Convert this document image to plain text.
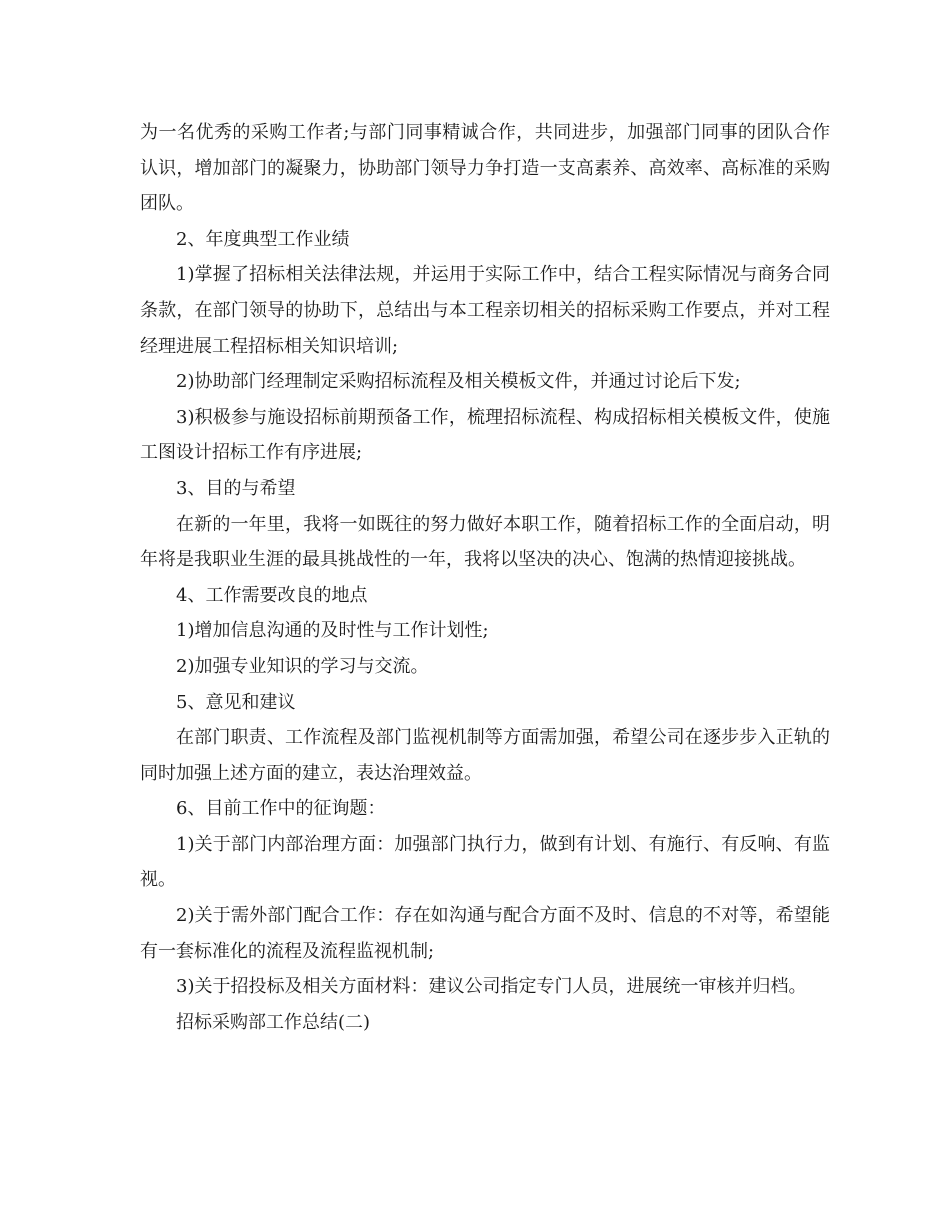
为一名优秀的采购工作者;与部门同事精诚合作，共同进步，加强部门同事的团队合作认识，增加部门的凝聚力，协助部门领导力争打造一支高素养、高效率、高标准的采购团队。

2、年度典型工作业绩

1)掌握了招标相关法律法规，并运用于实际工作中，结合工程实际情况与商务合同条款，在部门领导的协助下，总结出与本工程亲切相关的招标采购工作要点，并对工程经理进展工程招标相关知识培训;

2)协助部门经理制定采购招标流程及相关模板文件，并通过讨论后下发;

3)积极参与施设招标前期预备工作，梳理招标流程、构成招标相关模板文件，使施工图设计招标工作有序进展;

3、目的与希望

在新的一年里，我将一如既往的努力做好本职工作，随着招标工作的全面启动，明年将是我职业生涯的最具挑战性的一年，我将以坚决的决心、饱满的热情迎接挑战。

4、工作需要改良的地点

1)增加信息沟通的及时性与工作计划性;

2)加强专业知识的学习与交流。

5、意见和建议

在部门职责、工作流程及部门监视机制等方面需加强，希望公司在逐步步入正轨的同时加强上述方面的建立，表达治理效益。

6、目前工作中的征询题：

1)关于部门内部治理方面：加强部门执行力，做到有计划、有施行、有反响、有监视。

2)关于需外部门配合工作：存在如沟通与配合方面不及时、信息的不对等，希望能有一套标准化的流程及流程监视机制;

3)关于招投标及相关方面材料：建议公司指定专门人员，进展统一审核并归档。

招标采购部工作总结(二)
